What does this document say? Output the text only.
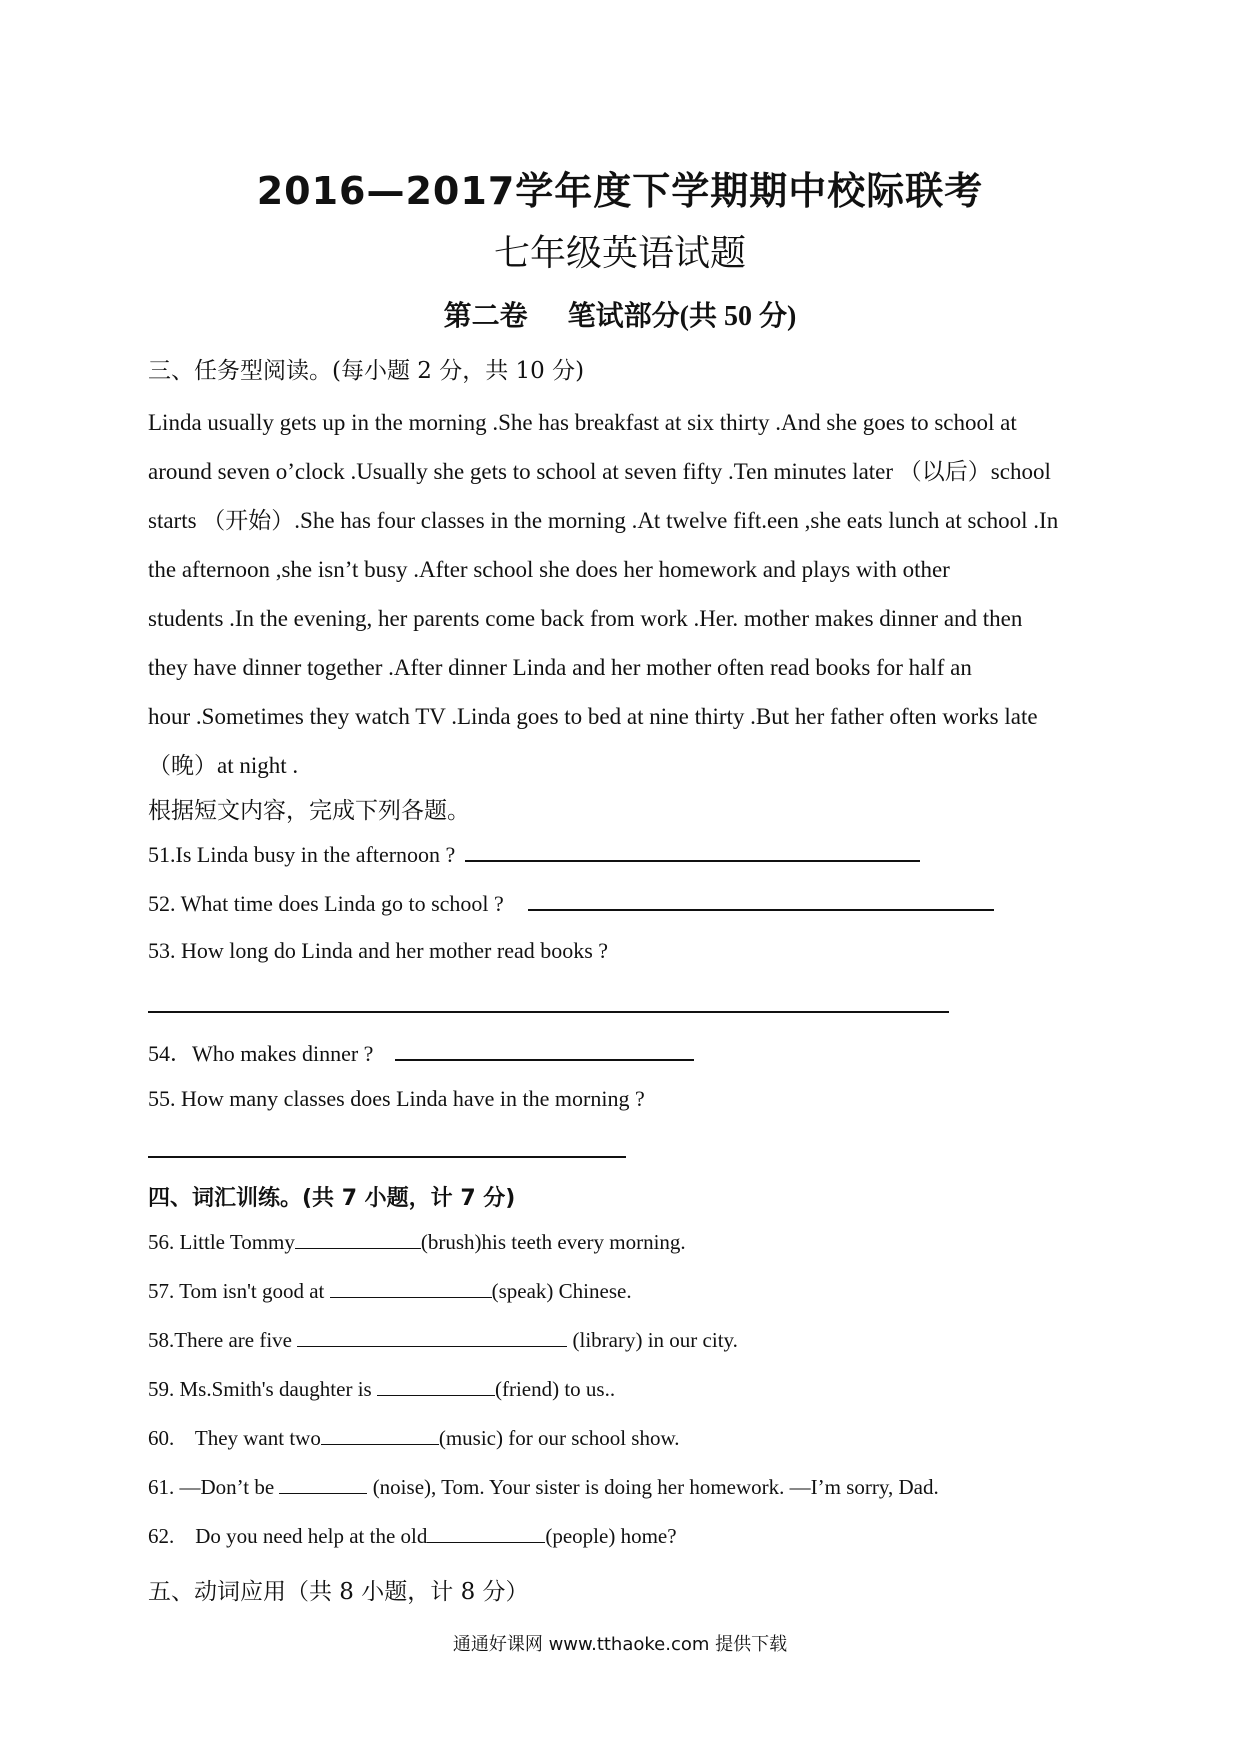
2016—2017学年度下学期期中校际联考
七年级英语试题
第二卷 笔试部分(共 50 分)
三、任务型阅读。(每小题 2 分，共 10 分)
Linda usually gets up in the morning .She has breakfast at six thirty .And she goes to school at
around seven o’clock .Usually she gets to school at seven fifty .Ten minutes later （以后）school
starts （开始）.She has four classes in the morning .At twelve fift.een ,she eats lunch at school .In
the afternoon ,she isn’t busy .After school she does her homework and plays with other
students .In the evening, her parents come back from work .Her. mother makes dinner and then
they have dinner together .After dinner Linda and her mother often read books for half an
hour .Sometimes they watch TV .Linda goes to bed at nine thirty .But her father often works late
（晚）at night .
根据短文内容，完成下列各题。
51.Is Linda busy in the afternoon ?
52. What time does Linda go to school ?
53. How long do Linda and her mother read books ?
54．Who makes dinner ?
55. How many classes does Linda have in the morning ?
四、词汇训练。(共 7 小题，计 7 分)
56. Little Tommy	(brush)his teeth every morning.
57. Tom isn't good at	(speak) Chinese.
58.There are five	(library) in our city.
59. Ms.Smith's daughter is	(friend) to us..
60.    They want two	(music) for our school show.
61. —Don’t be	(noise), Tom. Your sister is doing her homework. —I’m sorry, Dad.
62.    Do you need help at the old	(people) home?
五、动词应用（共 8 小题，计 8 分）
通通好课网 www.tthaoke.com 提供下载
